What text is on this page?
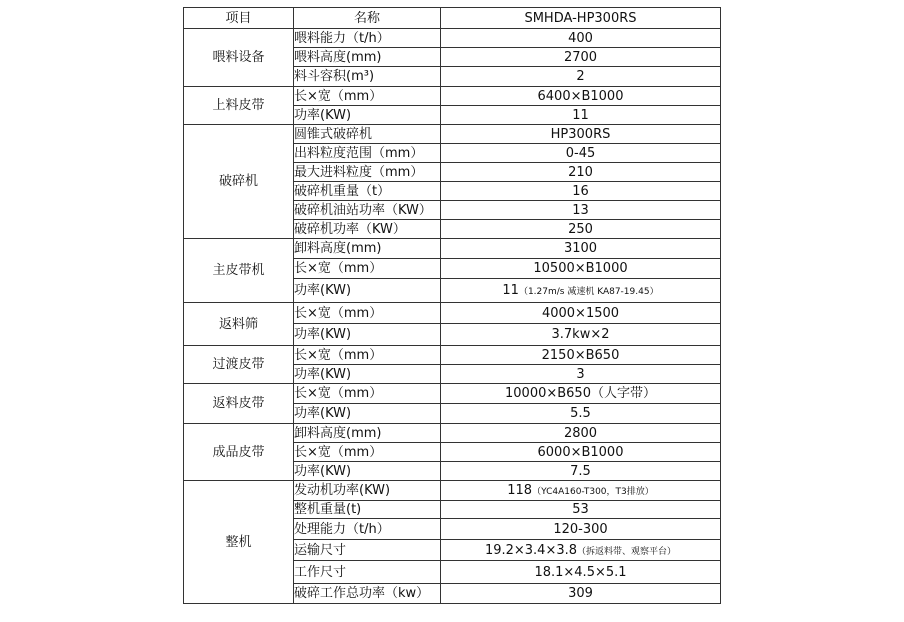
项目	名称	SMHDA-HP300RS
喂料设备	喂料能力（t/h）	400
	喂料高度(mm)	2700
	料斗容积(m³)	2
上料皮带	长×宽（mm）	6400×B1000
	功率(KW)	11
破碎机	圆锥式破碎机	HP300RS
	出料粒度范围（mm）	0-45
	最大进料粒度（mm）	210
	破碎机重量（t）	16
	破碎机油站功率（KW）	13
	破碎机功率（KW）	250
主皮带机	卸料高度(mm)	3100
	长×宽（mm）	10500×B1000
	功率(KW)	11（1.27m/s 减速机 KA87-19.45）
返料筛	长×宽（mm）	4000×1500
	功率(KW)	3.7kw×2
过渡皮带	长×宽（mm）	2150×B650
	功率(KW)	3
返料皮带	长×宽（mm）	10000×B650（人字带）
	功率(KW)	5.5
成品皮带	卸料高度(mm)	2800
	长×宽（mm）	6000×B1000
	功率(KW)	7.5
整机	发动机功率(KW)	118（YC4A160-T300，T3排放）
	整机重量(t)	53
	处理能力（t/h）	120-300
	运输尺寸	19.2×3.4×3.8（拆返料带、观察平台）
	工作尺寸	18.1×4.5×5.1
	破碎工作总功率（kw）	309
